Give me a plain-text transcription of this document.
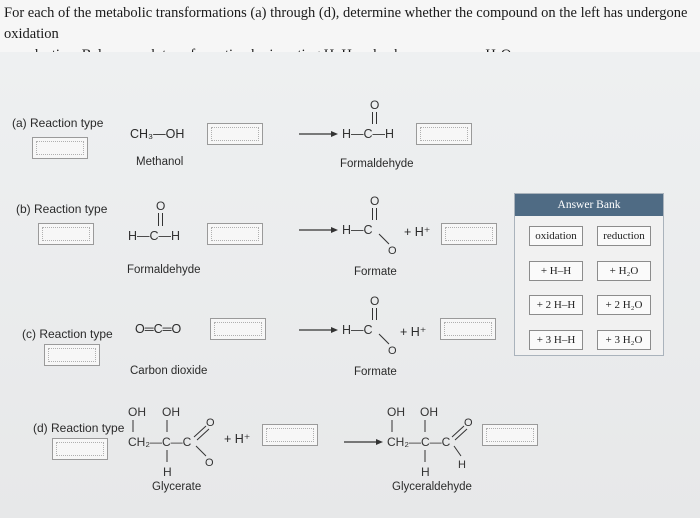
For each of the metabolic transformations (a) through (d), determine whether the compound on the left has undergone oxidation
(a) Reaction type
CH₃—OH
Methanol
H—C—H
O
Formaldehyde
(b) Reaction type	O
H—C—H
Formaldehyde
H—C
O
O
+ H⁺
Formate
(c) Reaction type O═C═O
Carbon dioxide
H—C
O
O
+ H⁺
Formate
(d) Reaction type
OH OH
CH₂—C—C
H
O
O
+ H⁺
Glycerate
OH OH
CH₂—C—C
H
O
H
Glyceraldehyde
Answer Bank
oxidation	reduction
+ H–H	+ H₂O
+ 2 H–H	+ 2 H₂O
+ 3 H–H	+ 3 H₂O
